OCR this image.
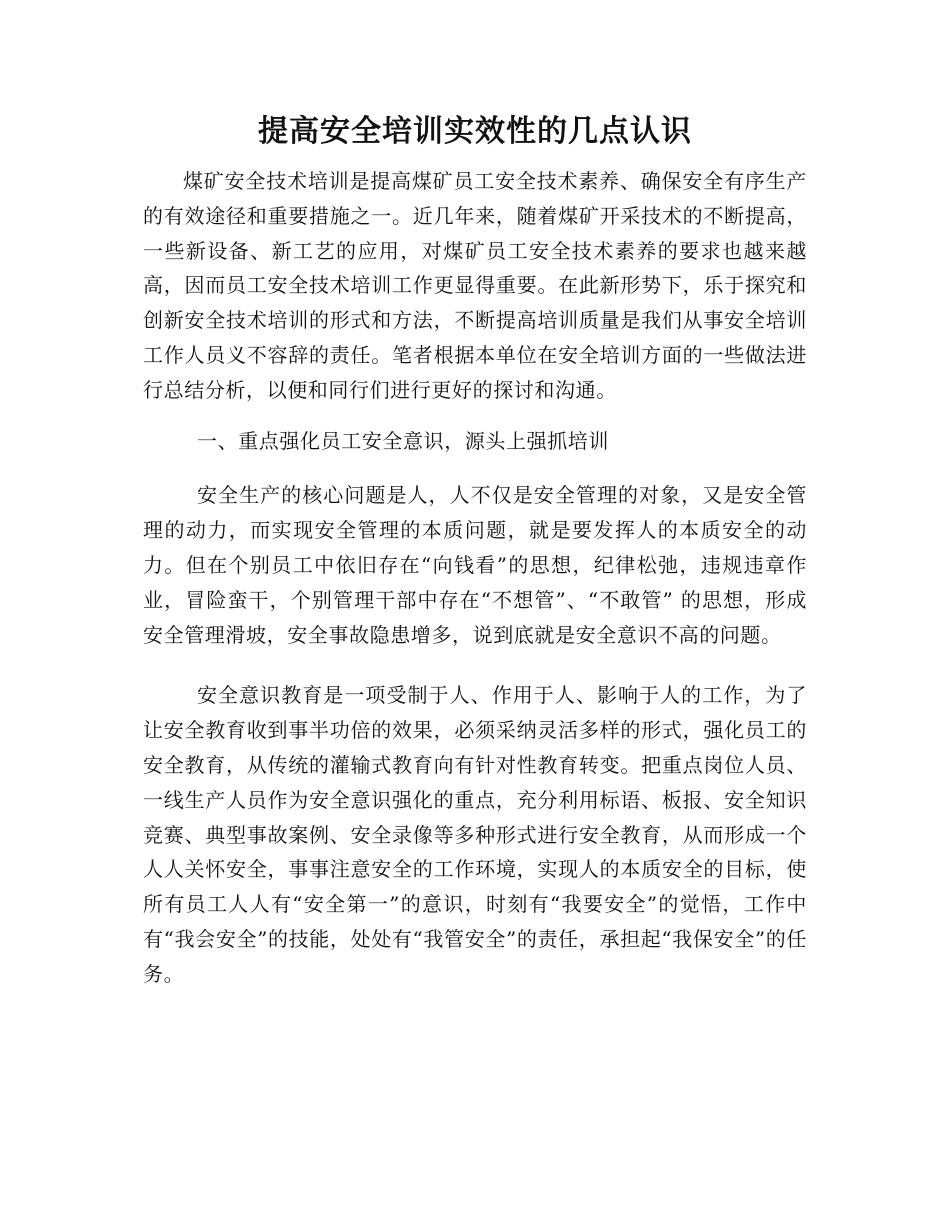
提高安全培训实效性的几点认识

煤矿安全技术培训是提高煤矿员工安全技术素养、确保安全有序生产的有效途径和重要措施之一。近几年来，随着煤矿开采技术的不断提高，一些新设备、新工艺的应用，对煤矿员工安全技术素养的要求也越来越高，因而员工安全技术培训工作更显得重要。在此新形势下，乐于探究和创新安全技术培训的形式和方法，不断提高培训质量是我们从事安全培训工作人员义不容辞的责任。笔者根据本单位在安全培训方面的一些做法进行总结分析，以便和同行们进行更好的探讨和沟通。

一、重点强化员工安全意识，源头上强抓培训

安全生产的核心问题是人，人不仅是安全管理的对象，又是安全管理的动力，而实现安全管理的本质问题，就是要发挥人的本质安全的动力。但在个别员工中依旧存在“向钱看”的思想，纪律松弛，违规违章作业，冒险蛮干，个别管理干部中存在“不想管”、“不敢管” 的思想，形成安全管理滑坡，安全事故隐患增多，说到底就是安全意识不高的问题。

安全意识教育是一项受制于人、作用于人、影响于人的工作，为了让安全教育收到事半功倍的效果，必须采纳灵活多样的形式，强化员工的安全教育，从传统的灌输式教育向有针对性教育转变。把重点岗位人员、一线生产人员作为安全意识强化的重点，充分利用标语、板报、安全知识竞赛、典型事故案例、安全录像等多种形式进行安全教育，从而形成一个人人关怀安全，事事注意安全的工作环境，实现人的本质安全的目标，使所有员工人人有“安全第一”的意识，时刻有“我要安全”的觉悟，工作中有“我会安全”的技能，处处有“我管安全”的责任，承担起“我保安全”的任务。
